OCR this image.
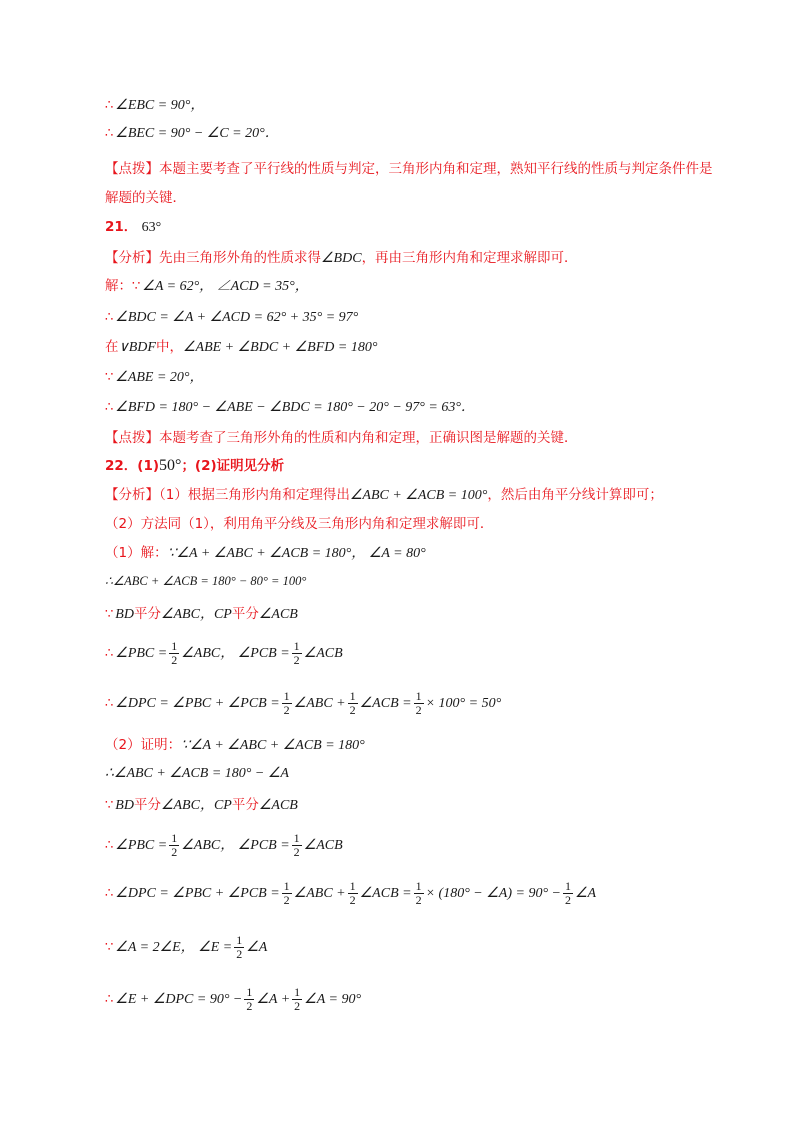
∴ ∠EBC = 90°，
∴ ∠BEC = 90° − ∠C = 20°．
【点拨】本题主要考查了平行线的性质与判定，三角形内角和定理，熟知平行线的性质与判定条件件是
解题的关键．
21． 63°
【分析】先由三角形外角的性质求得∠BDC，再由三角形内角和定理求解即可．
解：∵ ∠A = 62°， ∠ACD = 35°，
∴ ∠BDC = ∠A + ∠ACD = 62° + 35° = 97°
在∨BDF中，∠ABE + ∠BDC + ∠BFD = 180°
∵ ∠ABE = 20°，
∴ ∠BFD = 180° − ∠ABE − ∠BDC = 180° − 20° − 97° = 63°．
【点拨】本题考查了三角形外角的性质和内角和定理，正确识图是解题的关键．
22．(1)50°；(2)证明见分析
【分析】（1）根据三角形内角和定理得出∠ABC + ∠ACB = 100°，然后由角平分线计算即可；
（2）方法同（1），利用角平分线及三角形内角和定理求解即可．
（1）解：∵∠A + ∠ABC + ∠ACB = 180°， ∠A = 80°
∴∠ABC + ∠ACB = 180° − 80° = 100°
∵ BD平分∠ABC，CP平分∠ACB
∴ ∠PBC = $\frac{1}{2}$ ∠ABC， ∠PCB = $\frac{1}{2}$ ∠ACB
∴ ∠DPC = ∠PBC + ∠PCB = $\frac{1}{2}$ ∠ABC + $\frac{1}{2}$ ∠ACB = $\frac{1}{2} \times 100^\circ = 50^\circ$
（2）证明：∵∠A + ∠ABC + ∠ACB = 180°
∴∠ABC + ∠ACB = 180° − ∠A
∵ BD平分∠ABC，CP平分∠ACB
∴ ∠PBC = $\frac{1}{2}$ ∠ABC， ∠PCB = $\frac{1}{2}$ ∠ACB
∴ ∠DPC = ∠PBC + ∠PCB = $\frac{1}{2}$ ∠ABC + $\frac{1}{2}$ ∠ACB = $\frac{1}{2} \times (180^\circ$ − ∠A) = $90^\circ - \frac{1}{2}$ ∠A
∵ ∠A = 2∠E， ∠E = $\frac{1}{2}$ ∠A
∴ ∠E + ∠DPC = $90^\circ - \frac{1}{2}$ ∠A + $\frac{1}{2}$ ∠A = 90°
